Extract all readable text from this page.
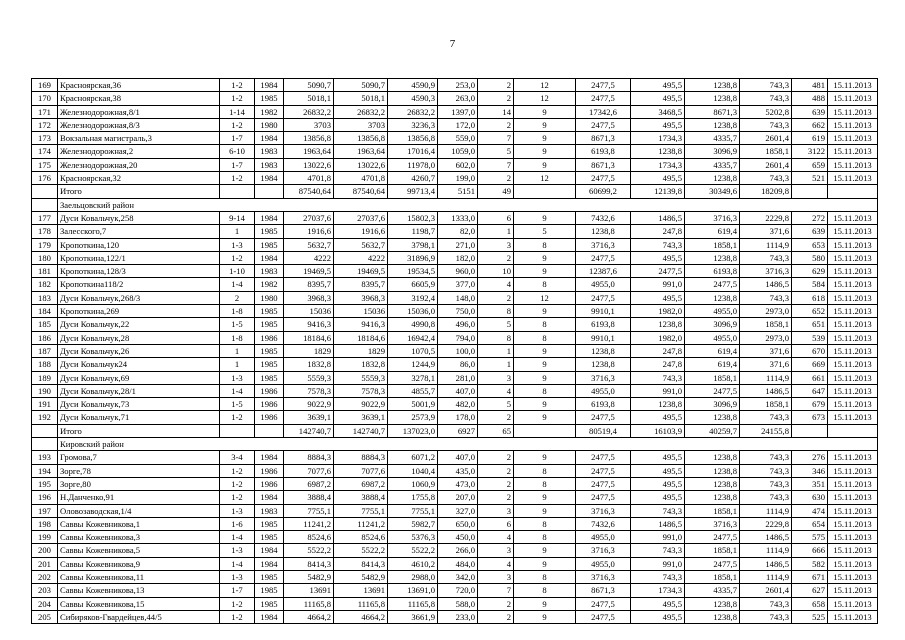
7
169	Красноярская,36	1-2	1984	5090,7	5090,7	4590,9	253,0	2	12	2477,5	495,5	1238,8	743,3	481	15.11.2013
170	Красноярская,38	1-2	1985	5018,1	5018,1	4590,3	263,0	2	12	2477,5	495,5	1238,8	743,3	488	15.11.2013
171	Железнодорожная,8/1	1-14	1982	26832,2	26832,2	26832,2	1397,0	14	9	17342,6	3468,5	8671,3	5202,8	639	15.11.2013
172	Железнодорожная,8/3	1-2	1980	3703	3703	3236,3	172,0	2	9	2477,5	495,5	1238,8	743,3	662	15.11.2013
173	Вокзальная магистраль,3	1-7	1984	13856,8	13856,8	13856,8	559,0	7	9	8671,3	1734,3	4335,7	2601,4	619	15.11.2013
174	Железнодорожная,2	6-10	1983	1963,64	1963,64	17016,4	1059,0	5	9	6193,8	1238,8	3096,9	1858,1	3122	15.11.2013
175	Железнодорожная,20	1-7	1983	13022,6	13022,6	11978,0	602,0	7	9	8671,3	1734,3	4335,7	2601,4	659	15.11.2013
176	Красноярская,32	1-2	1984	4701,8	4701,8	4260,7	199,0	2	12	2477,5	495,5	1238,8	743,3	521	15.11.2013
	Итого			87540,64	87540,64	99713,4	5151	49		60699,2	12139,8	30349,6	18209,8		
	Заельцовский район														
177	Дуси Ковальчук,258	9-14	1984	27037,6	27037,6	15802,3	1333,0	6	9	7432,6	1486,5	3716,3	2229,8	272	15.11.2013
178	Залесского,7	1	1985	1916,6	1916,6	1198,7	82,0	1	5	1238,8	247,8	619,4	371,6	639	15.11.2013
179	Кропоткина,120	1-3	1985	5632,7	5632,7	3798,1	271,0	3	8	3716,3	743,3	1858,1	1114,9	653	15.11.2013
180	Кропоткина,122/1	1-2	1984	4222	4222	31896,9	182,0	2	9	2477,5	495,5	1238,8	743,3	580	15.11.2013
181	Кропоткина,128/3	1-10	1983	19469,5	19469,5	19534,5	960,0	10	9	12387,6	2477,5	6193,8	3716,3	629	15.11.2013
182	Кропоткина118/2	1-4	1982	8395,7	8395,7	6605,9	377,0	4	8	4955,0	991,0	2477,5	1486,5	584	15.11.2013
183	Дуси Ковальчук,268/3	2	1980	3968,3	3968,3	3192,4	148,0	2	12	2477,5	495,5	1238,8	743,3	618	15.11.2013
184	Кропоткина,269	1-8	1985	15036	15036	15036,0	750,0	8	9	9910,1	1982,0	4955,0	2973,0	652	15.11.2013
185	Дуси Ковальчук,22	1-5	1985	9416,3	9416,3	4990,8	496,0	5	8	6193,8	1238,8	3096,9	1858,1	651	15.11.2013
186	Дуси Ковальчук,28	1-8	1986	18184,6	18184,6	16942,4	794,0	8	8	9910,1	1982,0	4955,0	2973,0	539	15.11.2013
187	Дуси Ковальчук,26	1	1985	1829	1829	1070,5	100,0	1	9	1238,8	247,8	619,4	371,6	670	15.11.2013
188	Дуси Ковальчук24	1	1985	1832,8	1832,8	1244,9	86,0	1	9	1238,8	247,8	619,4	371,6	669	15.11.2013
189	Дуси Ковальчук,69	1-3	1985	5559,3	5559,3	3278,1	281,0	3	9	3716,3	743,3	1858,1	1114,9	661	15.11.2013
190	Дуси Ковальчук,28/1	1-4	1986	7578,3	7578,3	4855,7	407,0	4	8	4955,0	991,0	2477,5	1486,5	647	15.11.2013
191	Дуси Ковальчук,73	1-5	1986	9022,9	9022,9	5001,9	482,0	5	9	6193,8	1238,8	3096,9	1858,1	679	15.11.2013
192	Дуси Ковальчук,71	1-2	1986	3639,1	3639,1	2573,9	178,0	2	9	2477,5	495,5	1238,8	743,3	673	15.11.2013
	Итого			142740,7	142740,7	137023,0	6927	65		80519,4	16103,9	40259,7	24155,8		
	Кировский район														
193	Громова,7	3-4	1984	8884,3	8884,3	6071,2	407,0	2	9	2477,5	495,5	1238,8	743,3	276	15.11.2013
194	Зорге,78	1-2	1986	7077,6	7077,6	1040,4	435,0	2	8	2477,5	495,5	1238,8	743,3	346	15.11.2013
195	Зорге,80	1-2	1986	6987,2	6987,2	1060,9	473,0	2	8	2477,5	495,5	1238,8	743,3	351	15.11.2013
196	Н.Данченко,91	1-2	1984	3888,4	3888,4	1755,8	207,0	2	9	2477,5	495,5	1238,8	743,3	630	15.11.2013
197	Оловозаводская,1/4	1-3	1983	7755,1	7755,1	7755,1	327,0	3	9	3716,3	743,3	1858,1	1114,9	474	15.11.2013
198	Саввы Кожевникова,1	1-6	1985	11241,2	11241,2	5982,7	650,0	6	8	7432,6	1486,5	3716,3	2229,8	654	15.11.2013
199	Саввы Кожевникова,3	1-4	1985	8524,6	8524,6	5376,3	450,0	4	8	4955,0	991,0	2477,5	1486,5	575	15.11.2013
200	Саввы Кожевникова,5	1-3	1984	5522,2	5522,2	5522,2	266,0	3	9	3716,3	743,3	1858,1	1114,9	666	15.11.2013
201	Саввы Кожевникова,9	1-4	1984	8414,3	8414,3	4610,2	484,0	4	9	4955,0	991,0	2477,5	1486,5	582	15.11.2013
202	Саввы Кожевникова,11	1-3	1985	5482,9	5482,9	2988,0	342,0	3	8	3716,3	743,3	1858,1	1114,9	671	15.11.2013
203	Саввы Кожевникова,13	1-7	1985	13691	13691	13691,0	720,0	7	8	8671,3	1734,3	4335,7	2601,4	627	15.11.2013
204	Саввы Кожевникова,15	1-2	1985	11165,8	11165,8	11165,8	588,0	2	9	2477,5	495,5	1238,8	743,3	658	15.11.2013
205	Сибиряков-Гвардейцев,44/5	1-2	1984	4664,2	4664,2	3661,9	233,0	2	9	2477,5	495,5	1238,8	743,3	525	15.11.2013
